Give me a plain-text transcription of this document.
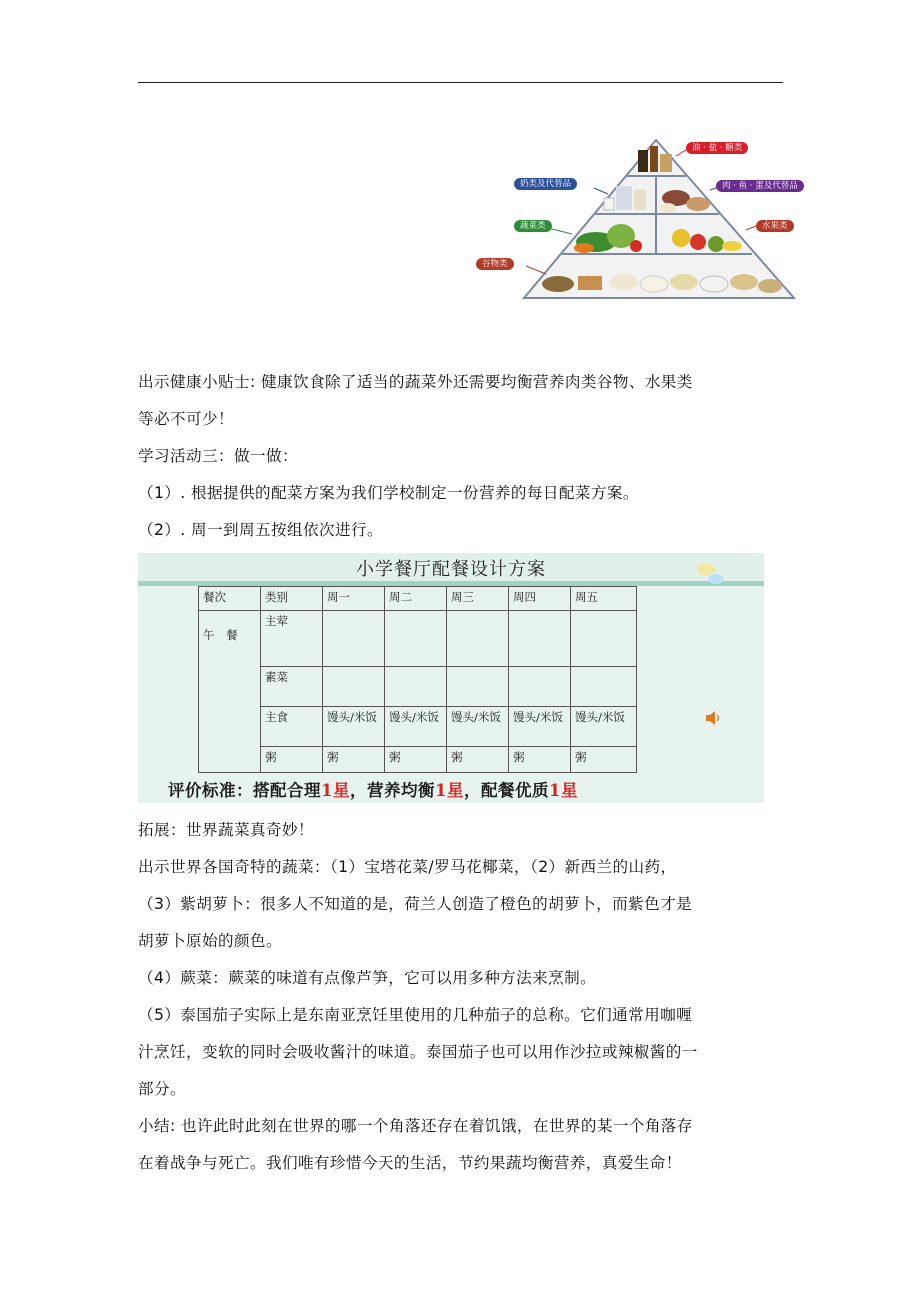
油 · 盐 · 糖类
奶类及代替品	肉 · 鱼 · 蛋及代替品
蔬菜类	水果类
谷物类
出示健康小贴士: 健康饮食除了适当的蔬菜外还需要均衡营养肉类谷物、水果类
等必不可少！
学习活动三：做一做：
（1）. 根据提供的配菜方案为我们学校制定一份营养的每日配菜方案。
（2）. 周一到周五按组依次进行。
小学餐厅配餐设计方案
餐次	类别	周一	周二	周三	周四	周五
午　餐	主荤					
	素菜					
	主食	馒头/米饭	馒头/米饭	馒头/米饭	馒头/米饭	馒头/米饭
	粥	粥	粥	粥	粥	粥
评价标准：搭配合理1星，营养均衡1星，配餐优质1星
拓展：世界蔬菜真奇妙！
出示世界各国奇特的蔬菜：（1）宝塔花菜/罗马花椰菜，（2）新西兰的山药，
（3）紫胡萝卜：很多人不知道的是，荷兰人创造了橙色的胡萝卜，而紫色才是
胡萝卜原始的颜色。
（4）蕨菜：蕨菜的味道有点像芦笋，它可以用多种方法来烹制。
（5）泰国茄子实际上是东南亚烹饪里使用的几种茄子的总称。它们通常用咖喱
汁烹饪，变软的同时会吸收酱汁的味道。泰国茄子也可以用作沙拉或辣椒酱的一
部分。
小结: 也许此时此刻在世界的哪一个角落还存在着饥饿，在世界的某一个角落存
在着战争与死亡。我们唯有珍惜今天的生活，节约果蔬均衡营养，真爱生命！
